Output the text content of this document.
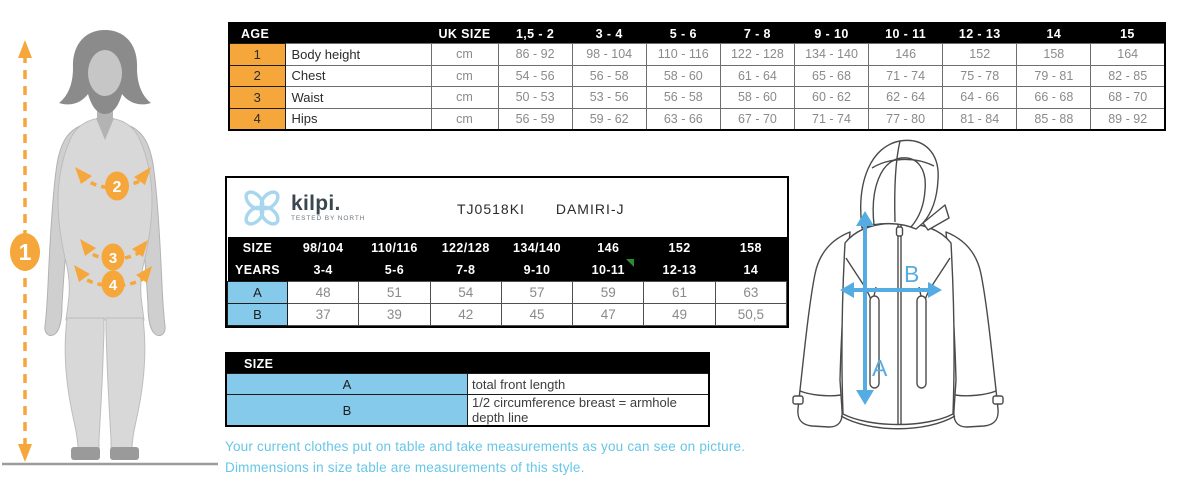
1
2
3
4
AGE		UK SIZE	1,5 - 2	3 - 4	5 - 6	7 - 8	9 - 10	10 - 11	12 - 13	14	15
1	Body height	cm	86 - 92	98 - 104	110 - 116	122 - 128	134 - 140	146	152	158	164
2	Chest	cm	54 - 56	56 - 58	58 - 60	61 - 64	65 - 68	71 - 74	75 - 78	79 - 81	82 - 85
3	Waist	cm	50 - 53	53 - 56	56 - 58	58 - 60	60 - 62	62 - 64	64 - 66	66 - 68	68 - 70
4	Hips	cm	56 - 59	59 - 62	63 - 66	67 - 70	71 - 74	77 - 80	81 - 84	85 - 88	89 - 92
kilpi.
TESTED BY NORTH
TJ0518KI DAMIRI-J
SIZE	98/104	110/116	122/128	134/140	146	152	158
YEARS	3-4	5-6	7-8	9-10	10-11	12-13	14
A	48	51	54	57	59	61	63
B	37	39	42	45	47	49	50,5
SIZE	
A	total front length
B	1/2 circumference breast = armhole depth line
Your current clothes put on table and take measurements as you can see on picture.
Dimmensions in size table are measurements of this style.
A
B
